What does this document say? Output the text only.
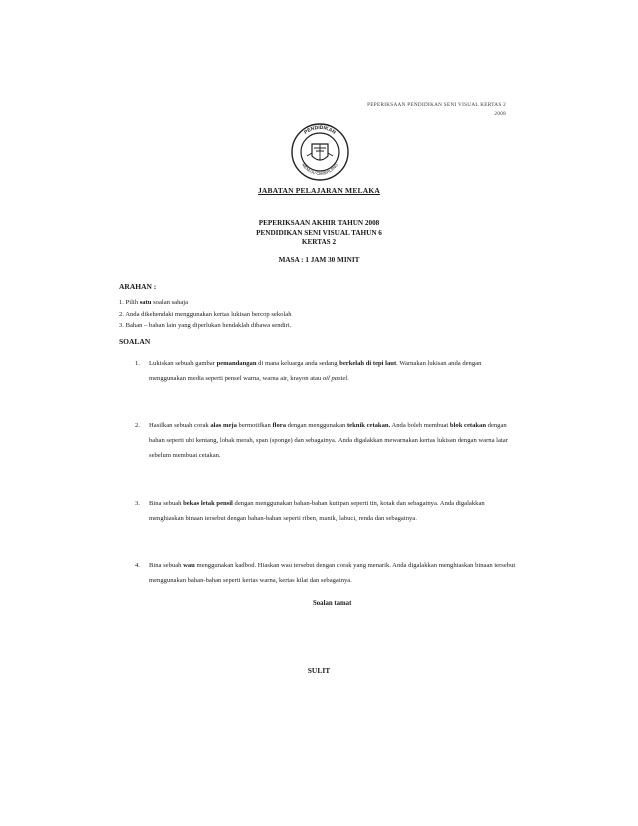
PEPERIKSAAN PENDIDIKAN SENI VISUAL KERTAS 2
2008
PENDIDIKAN
MENUJU CEMERLANG
JABATAN PELAJARAN MELAKA
PEPERIKSAAN AKHIR TAHUN 2008
PENDIDIKAN SENI VISUAL TAHUN 6
KERTAS 2
MASA : 1 JAM 30 MINIT
ARAHAN :
1. Pilih satu soalan sahaja
2. Anda dikehendaki menggunakan kertas lukisan bercop sekolah
3. Bahan – bahan lain yang diperlukan hendaklah dibawa sendiri.
SOALAN
1. Lukiskan sebuah gambar pemandangan di mana keluarga anda sedang berkelah di tepi laut. Warnakan lukisan anda dengan menggunakan media seperti pensel warna, warna air, krayon atau oil pastel.
2. Hasilkan sebuah corak alas meja bermotifkan flora dengan menggunakan teknik cetakan. Anda boleh membuat blok cetakan dengan bahan seperti ubi kentang, lobak merah, span (sponge) dan sebagainya. Anda digalakkan mewarnakan kertas lukisan dengan warna latar sebelum membuat cetakan.
3. Bina sebuah bekas letak pensil dengan menggunakan bahan-bahan kutipan seperti tin, kotak dan sebagainya. Anda digalakkan menghiaskan binaan tersebut dengan bahan-bahan seperti riben, manik, labuci, renda dan sebagainya.
4. Bina sebuah wau menggunakan kadbod. Hiaskan wau tersebut dengan corak yang menarik. Anda digalakkan menghiaskan binaan tersebut menggunakan bahan-bahan seperti kertas warna, kertas kilat dan sebagainya.
Soalan tamat
SULIT
